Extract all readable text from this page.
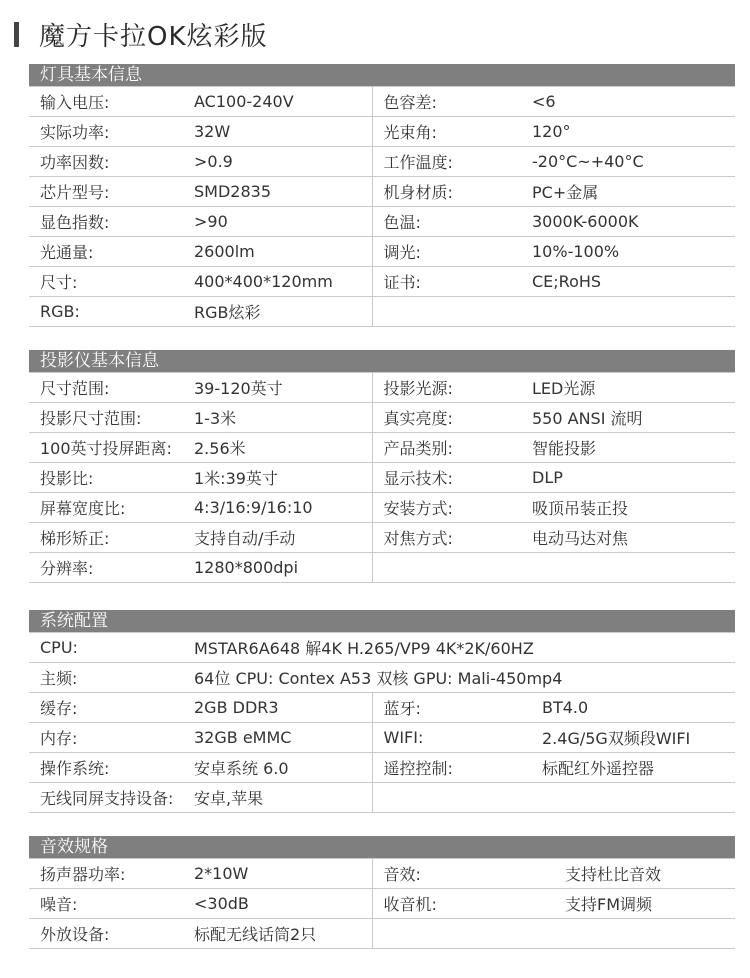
魔方卡拉OK炫彩版
灯具基本信息
输入电压:	AC100-240V	色容差:	<6
实际功率:	32W	光束角:	120°
功率因数:	>0.9	工作温度:	-20°C~+40°C
芯片型号:	SMD2835	机身材质:	PC+金属
显色指数:	>90	色温:	3000K-6000K
光通量:	2600lm	调光:	10%-100%
尺寸:	400*400*120mm	证书:	CE;RoHS
RGB:	RGB炫彩		
投影仪基本信息
尺寸范围:	39-120英寸	投影光源:	LED光源
投影尺寸范围:	1-3米	真实亮度:	550 ANSI 流明
100英寸投屏距离:	2.56米	产品类别:	智能投影
投影比:	1米:39英寸	显示技术:	DLP
屏幕宽度比:	4:3/16:9/16:10	安装方式:	吸顶吊装正投
梯形矫正:	支持自动/手动	对焦方式:	电动马达对焦
分辨率:	1280*800dpi		
系统配置
CPU:	MSTAR6A648 解4K H.265/VP9 4K*2K/60HZ		
主频:	64位 CPU: Contex A53 双核 GPU: Mali-450mp4		
缓存:	2GB DDR3	蓝牙:	BT4.0
内存:	32GB eMMC	WIFI:	2.4G/5G双频段WIFI
操作系统:	安卓系统 6.0	遥控控制:	标配红外遥控器
无线同屏支持设备:	安卓,苹果		
音效规格
扬声器功率:	2*10W	音效:	支持杜比音效
噪音:	<30dB	收音机:	支持FM调频
外放设备:	标配无线话筒2只		
